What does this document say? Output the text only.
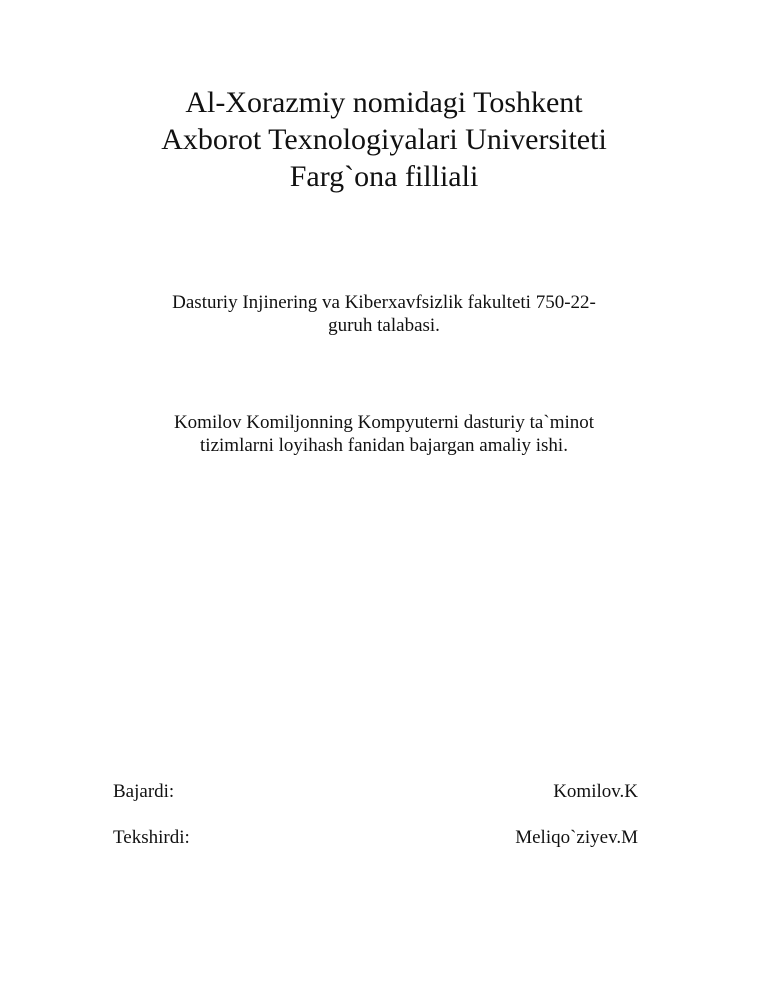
Al-Xorazmiy nomidagi Toshkent
Axborot Texnologiyalari Universiteti
Farg`ona filliali
Dasturiy Injinering va Kiberxavfsizlik fakulteti 750-22-
guruh talabasi.
Komilov Komiljonning Kompyuterni dasturiy ta`minot
tizimlarni loyihash fanidan bajargan amaliy ishi.
Bajardi:	Komilov.K
Tekshirdi:	Meliqo`ziyev.M
